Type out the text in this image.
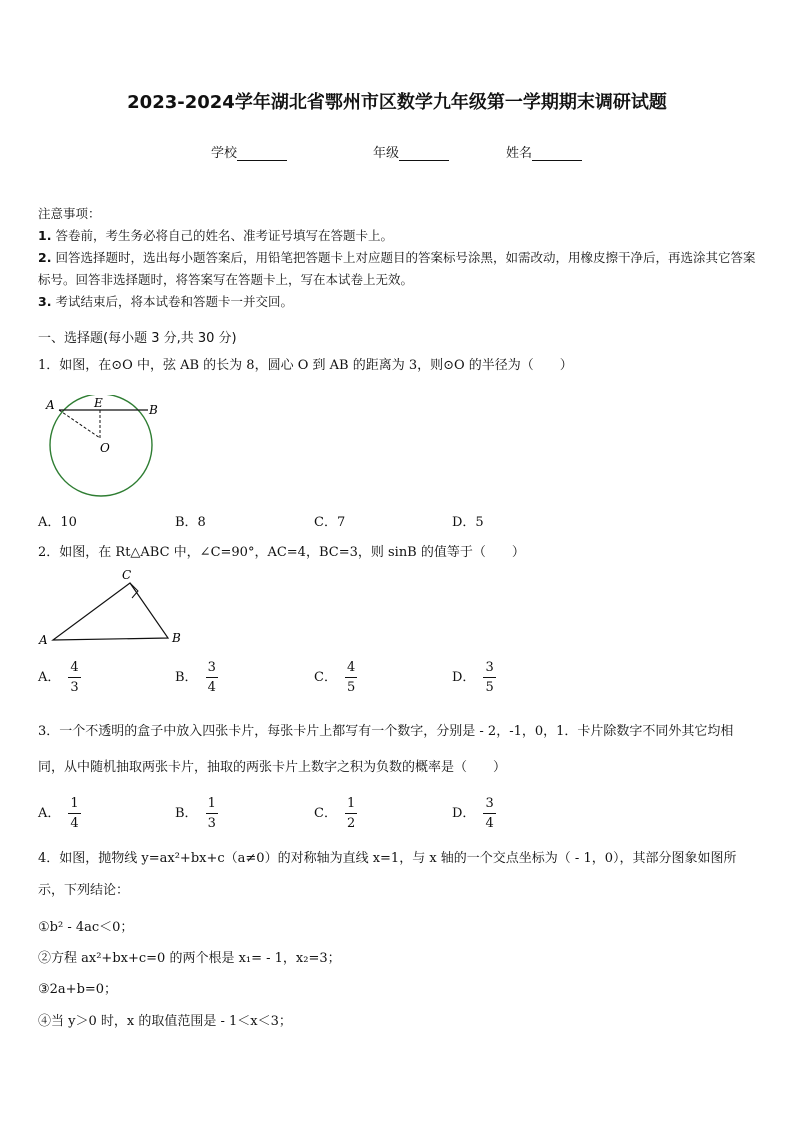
2023-2024学年湖北省鄂州市区数学九年级第一学期期末调研试题
学校	年级	姓名

注意事项：

1. 答卷前，考生务必将自己的姓名、准考证号填写在答题卡上。

2. 回答选择题时，选出每小题答案后，用铅笔把答题卡上对应题目的答案标号涂黑，如需改动，用橡皮擦干净后，再选涂其它答案标号。回答非选择题时，将答案写在答题卡上，写在本试卷上无效。

3. 考试结束后，将本试卷和答题卡一并交回。

一、选择题(每小题 3 分,共 30 分)
1．如图，在⊙O 中，弦 AB 的长为 8，圆心 O 到 AB 的距离为 3，则⊙O 的半径为（　　）
A	E	B
O
A．10	B．8	C．7	D．5
2．如图，在 Rt△ABC 中，∠C=90°，AC=4，BC=3，则 sinB 的值等于（　　）
A	B
C
A． $\frac{4}{3}$	B． $\frac{3}{4}$	C． $\frac{4}{5}$	D． $\frac{3}{5}$
3．一个不透明的盒子中放入四张卡片，每张卡片上都写有一个数字，分别是 - 2，-1，0，1．卡片除数字不同外其它均相同，从中随机抽取两张卡片，抽取的两张卡片上数字之积为负数的概率是（　　）
A． $\frac{1}{4}$	B． $\frac{1}{3}$	C． $\frac{1}{2}$	D． $\frac{3}{4}$
4．如图，抛物线 y=ax²+bx+c（a≠0）的对称轴为直线 x=1，与 x 轴的一个交点坐标为（ - 1，0），其部分图象如图所示，下列结论：
①b² - 4ac＜0；
②方程 ax²+bx+c=0 的两个根是 x₁= - 1，x₂=3；
③2a+b=0；
④当 y＞0 时，x 的取值范围是 - 1＜x＜3；
